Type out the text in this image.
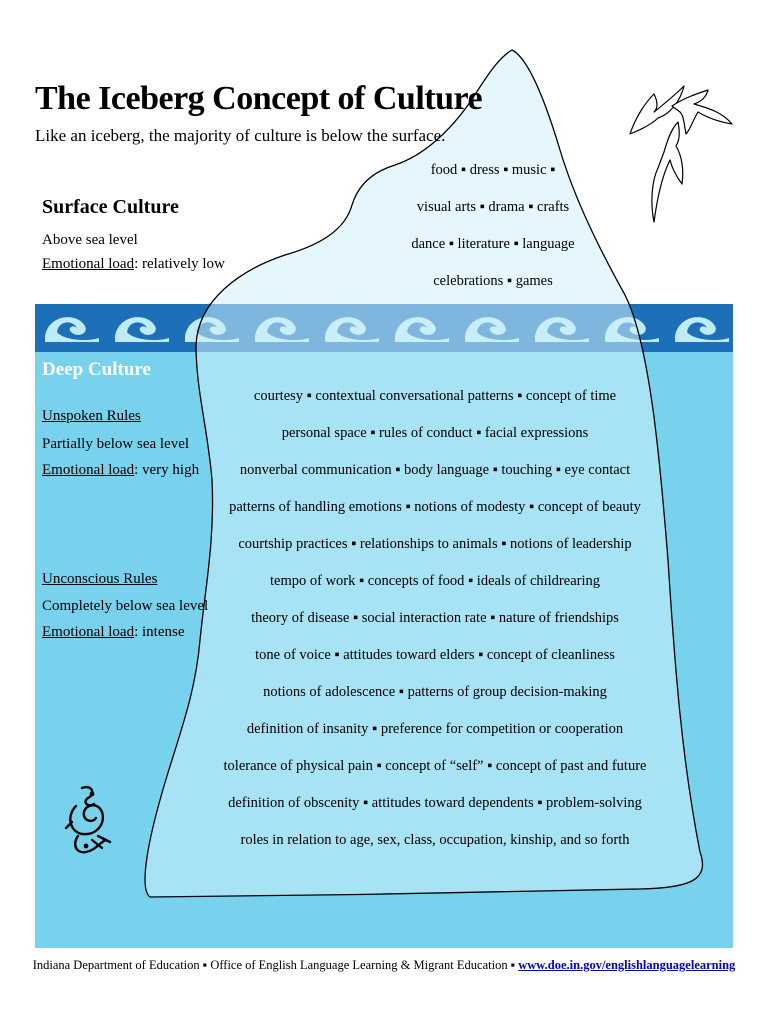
The Iceberg Concept of Culture
Like an iceberg, the majority of culture is below the surface.
Surface Culture
Above sea level
Emotional load: relatively low
food ▪ dress ▪ music ▪
visual arts ▪ drama ▪ crafts
dance ▪ literature ▪ language
celebrations ▪ games
Deep Culture
Unspoken Rules
Partially below sea level
Emotional load: very high
Unconscious Rules
Completely below sea level
Emotional load: intense
courtesy ▪ contextual conversational patterns ▪ concept of time
personal space ▪ rules of conduct ▪ facial expressions
nonverbal communication ▪ body language ▪ touching ▪ eye contact
patterns of handling emotions ▪ notions of modesty ▪ concept of beauty
courtship practices ▪ relationships to animals ▪ notions of leadership
tempo of work ▪ concepts of food ▪ ideals of childrearing
theory of disease ▪ social interaction rate ▪ nature of friendships
tone of voice ▪ attitudes toward elders ▪ concept of cleanliness
notions of adolescence ▪ patterns of group decision-making
definition of insanity ▪ preference for competition or cooperation
tolerance of physical pain ▪ concept of “self” ▪ concept of past and future
definition of obscenity ▪ attitudes toward dependents ▪ problem-solving
roles in relation to age, sex, class, occupation, kinship, and so forth
Indiana Department of Education ▪ Office of English Language Learning & Migrant Education ▪ www.doe.in.gov/englishlanguagelearning
